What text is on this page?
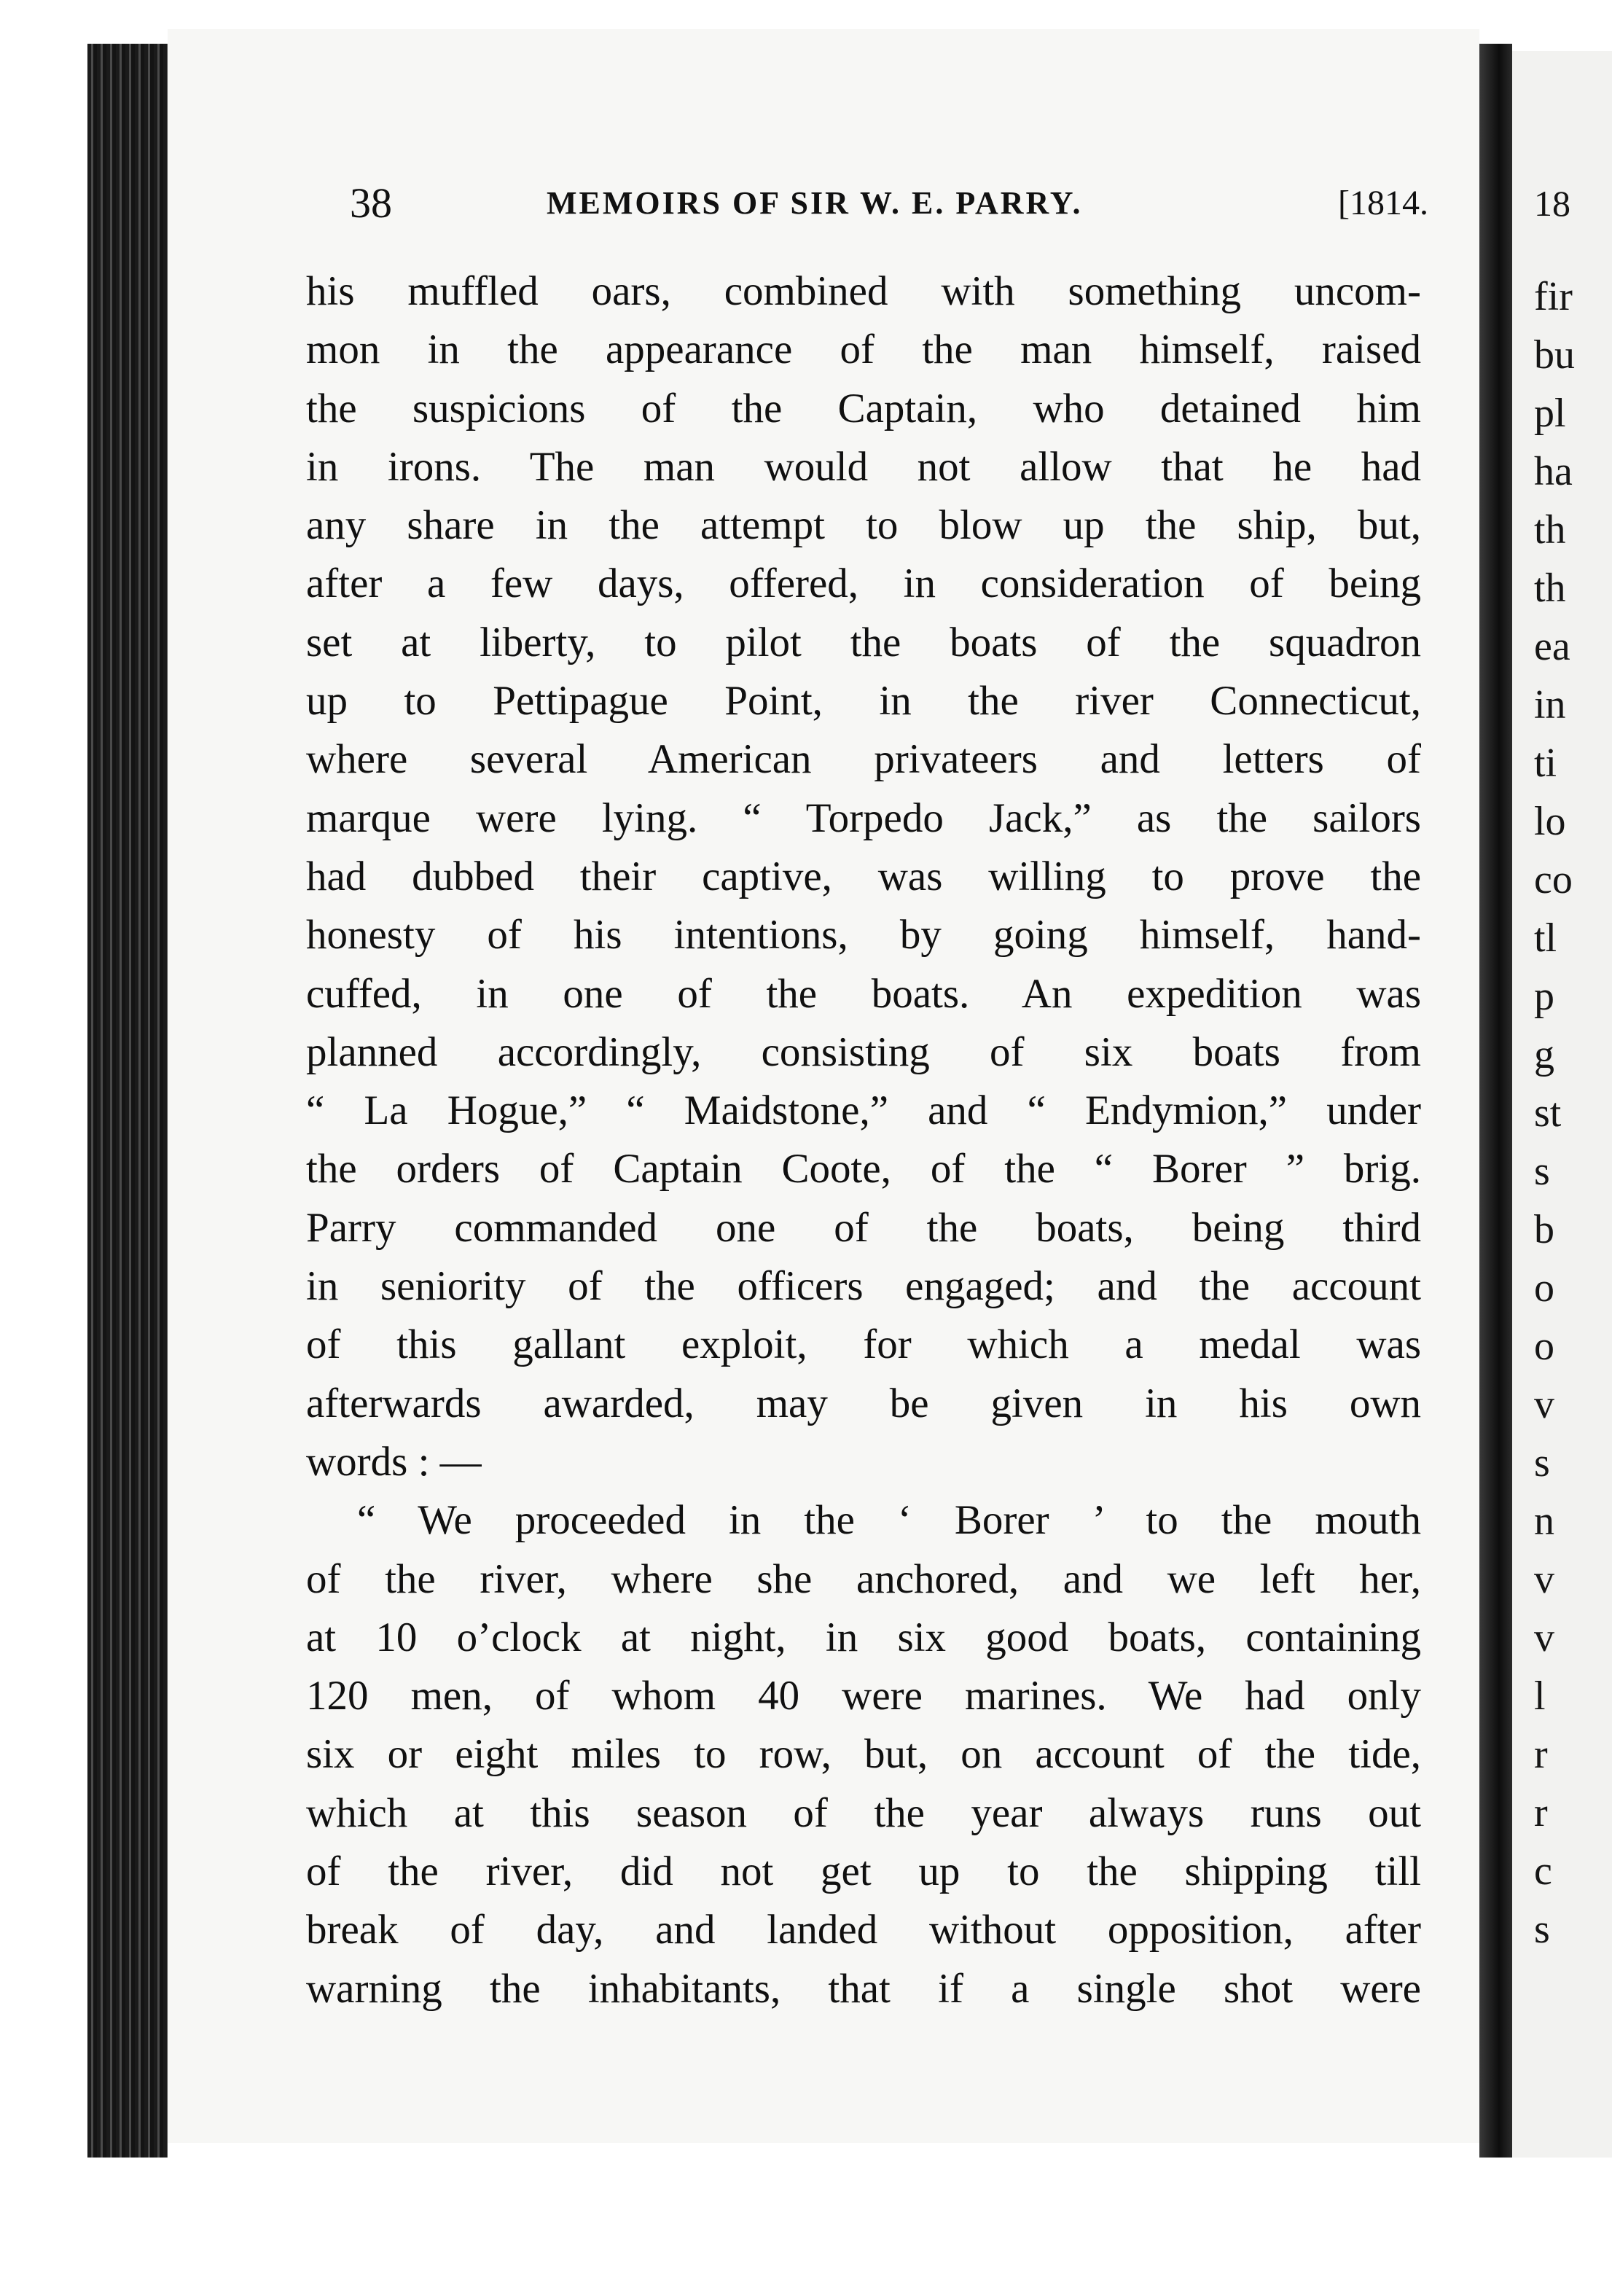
38	MEMOIRS OF SIR W. E. PARRY.	[1814.
his muffled oars, combined with something uncom-
mon in the appearance of the man himself, raised
the suspicions of the Captain, who detained him
in irons. The man would not allow that he had
any share in the attempt to blow up the ship, but,
after a few days, offered, in consideration of being
set at liberty, to pilot the boats of the squadron
up to Pettipague Point, in the river Connecticut,
where several American privateers and letters of
marque were lying. “ Torpedo Jack,” as the sailors
had dubbed their captive, was willing to prove the
honesty of his intentions, by going himself, hand-
cuffed, in one of the boats. An expedition was
planned accordingly, consisting of six boats from
“ La Hogue,” “ Maidstone,” and “ Endymion,” under
the orders of Captain Coote, of the “ Borer ” brig.
Parry commanded one of the boats, being third
in seniority of the officers engaged; and the account
of this gallant exploit, for which a medal was
afterwards awarded, may be given in his own
words : —
“ We proceeded in the ‘ Borer ’ to the mouth
of the river, where she anchored, and we left her,
at 10 o’clock at night, in six good boats, containing
120 men, of whom 40 were marines. We had only
six or eight miles to row, but, on account of the tide,
which at this season of the year always runs out
of the river, did not get up to the shipping till
break of day, and landed without opposition, after
warning the inhabitants, that if a single shot were
18
fir
bu
pl
ha
th
th
ea
in
ti
lo
co
tl
p
g
st
s
b
o
o
v
s
n
v
v
l
r
r
c
s
